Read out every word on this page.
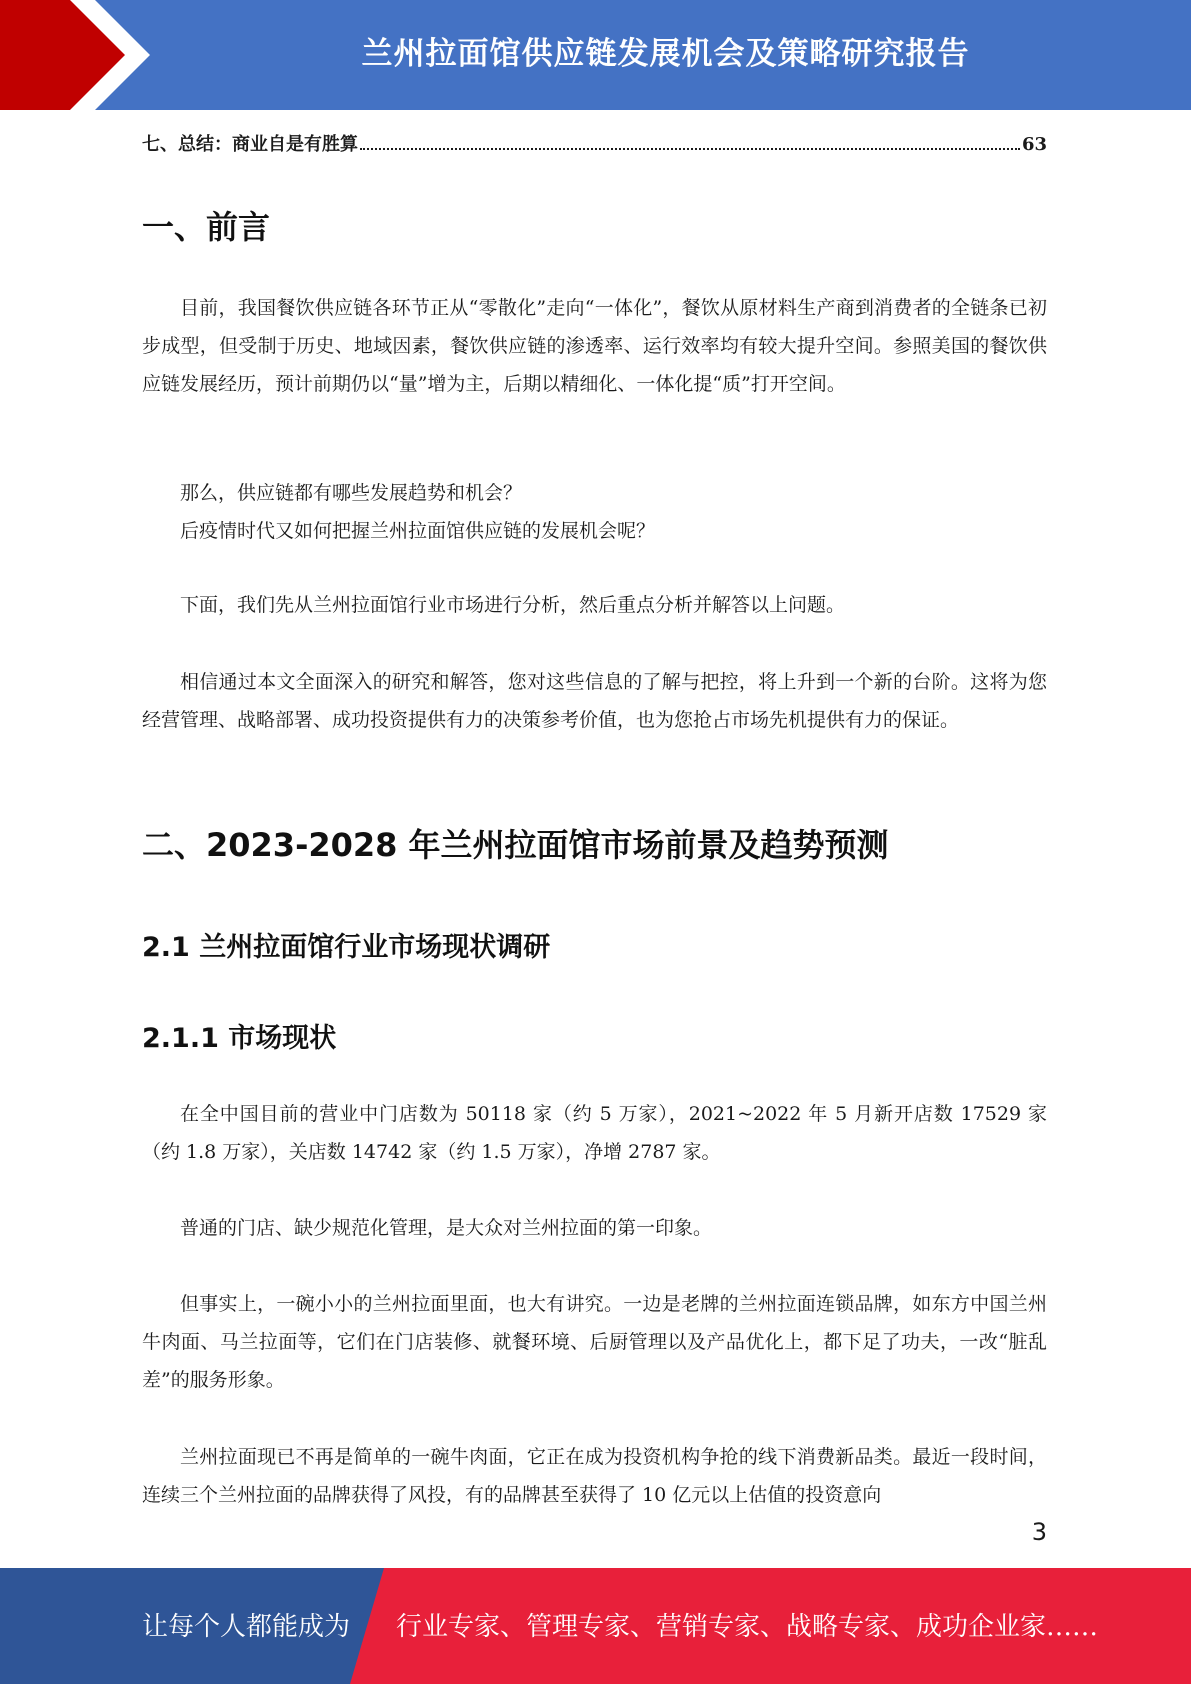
兰州拉面馆供应链发展机会及策略研究报告
七、总结：商业自是有胜算	63
一、前言
目前，我国餐饮供应链各环节正从“零散化”走向“一体化”，餐饮从原材料生产商到消费者的全链条已初步成型，但受制于历史、地域因素，餐饮供应链的渗透率、运行效率均有较大提升空间。参照美国的餐饮供应链发展经历，预计前期仍以“量”增为主，后期以精细化、一体化提“质”打开空间。
那么，供应链都有哪些发展趋势和机会？
后疫情时代又如何把握兰州拉面馆供应链的发展机会呢？
下面，我们先从兰州拉面馆行业市场进行分析，然后重点分析并解答以上问题。
相信通过本文全面深入的研究和解答，您对这些信息的了解与把控，将上升到一个新的台阶。这将为您经营管理、战略部署、成功投资提供有力的决策参考价值，也为您抢占市场先机提供有力的保证。
二、2023-2028 年兰州拉面馆市场前景及趋势预测
2.1 兰州拉面馆行业市场现状调研
2.1.1 市场现状
在全中国目前的营业中门店数为 50118 家（约 5 万家），2021~2022 年 5 月新开店数 17529 家（约 1.8 万家），关店数 14742 家（约 1.5 万家），净增 2787 家。
普通的门店、缺少规范化管理，是大众对兰州拉面的第一印象。
但事实上，一碗小小的兰州拉面里面，也大有讲究。一边是老牌的兰州拉面连锁品牌，如东方中国兰州牛肉面、马兰拉面等，它们在门店装修、就餐环境、后厨管理以及产品优化上，都下足了功夫，一改“脏乱差”的服务形象。
兰州拉面现已不再是简单的一碗牛肉面，它正在成为投资机构争抢的线下消费新品类。最近一段时间，连续三个兰州拉面的品牌获得了风投，有的品牌甚至获得了 10 亿元以上估值的投资意向
3
让每个人都能成为 行业专家、管理专家、营销专家、战略专家、成功企业家……
